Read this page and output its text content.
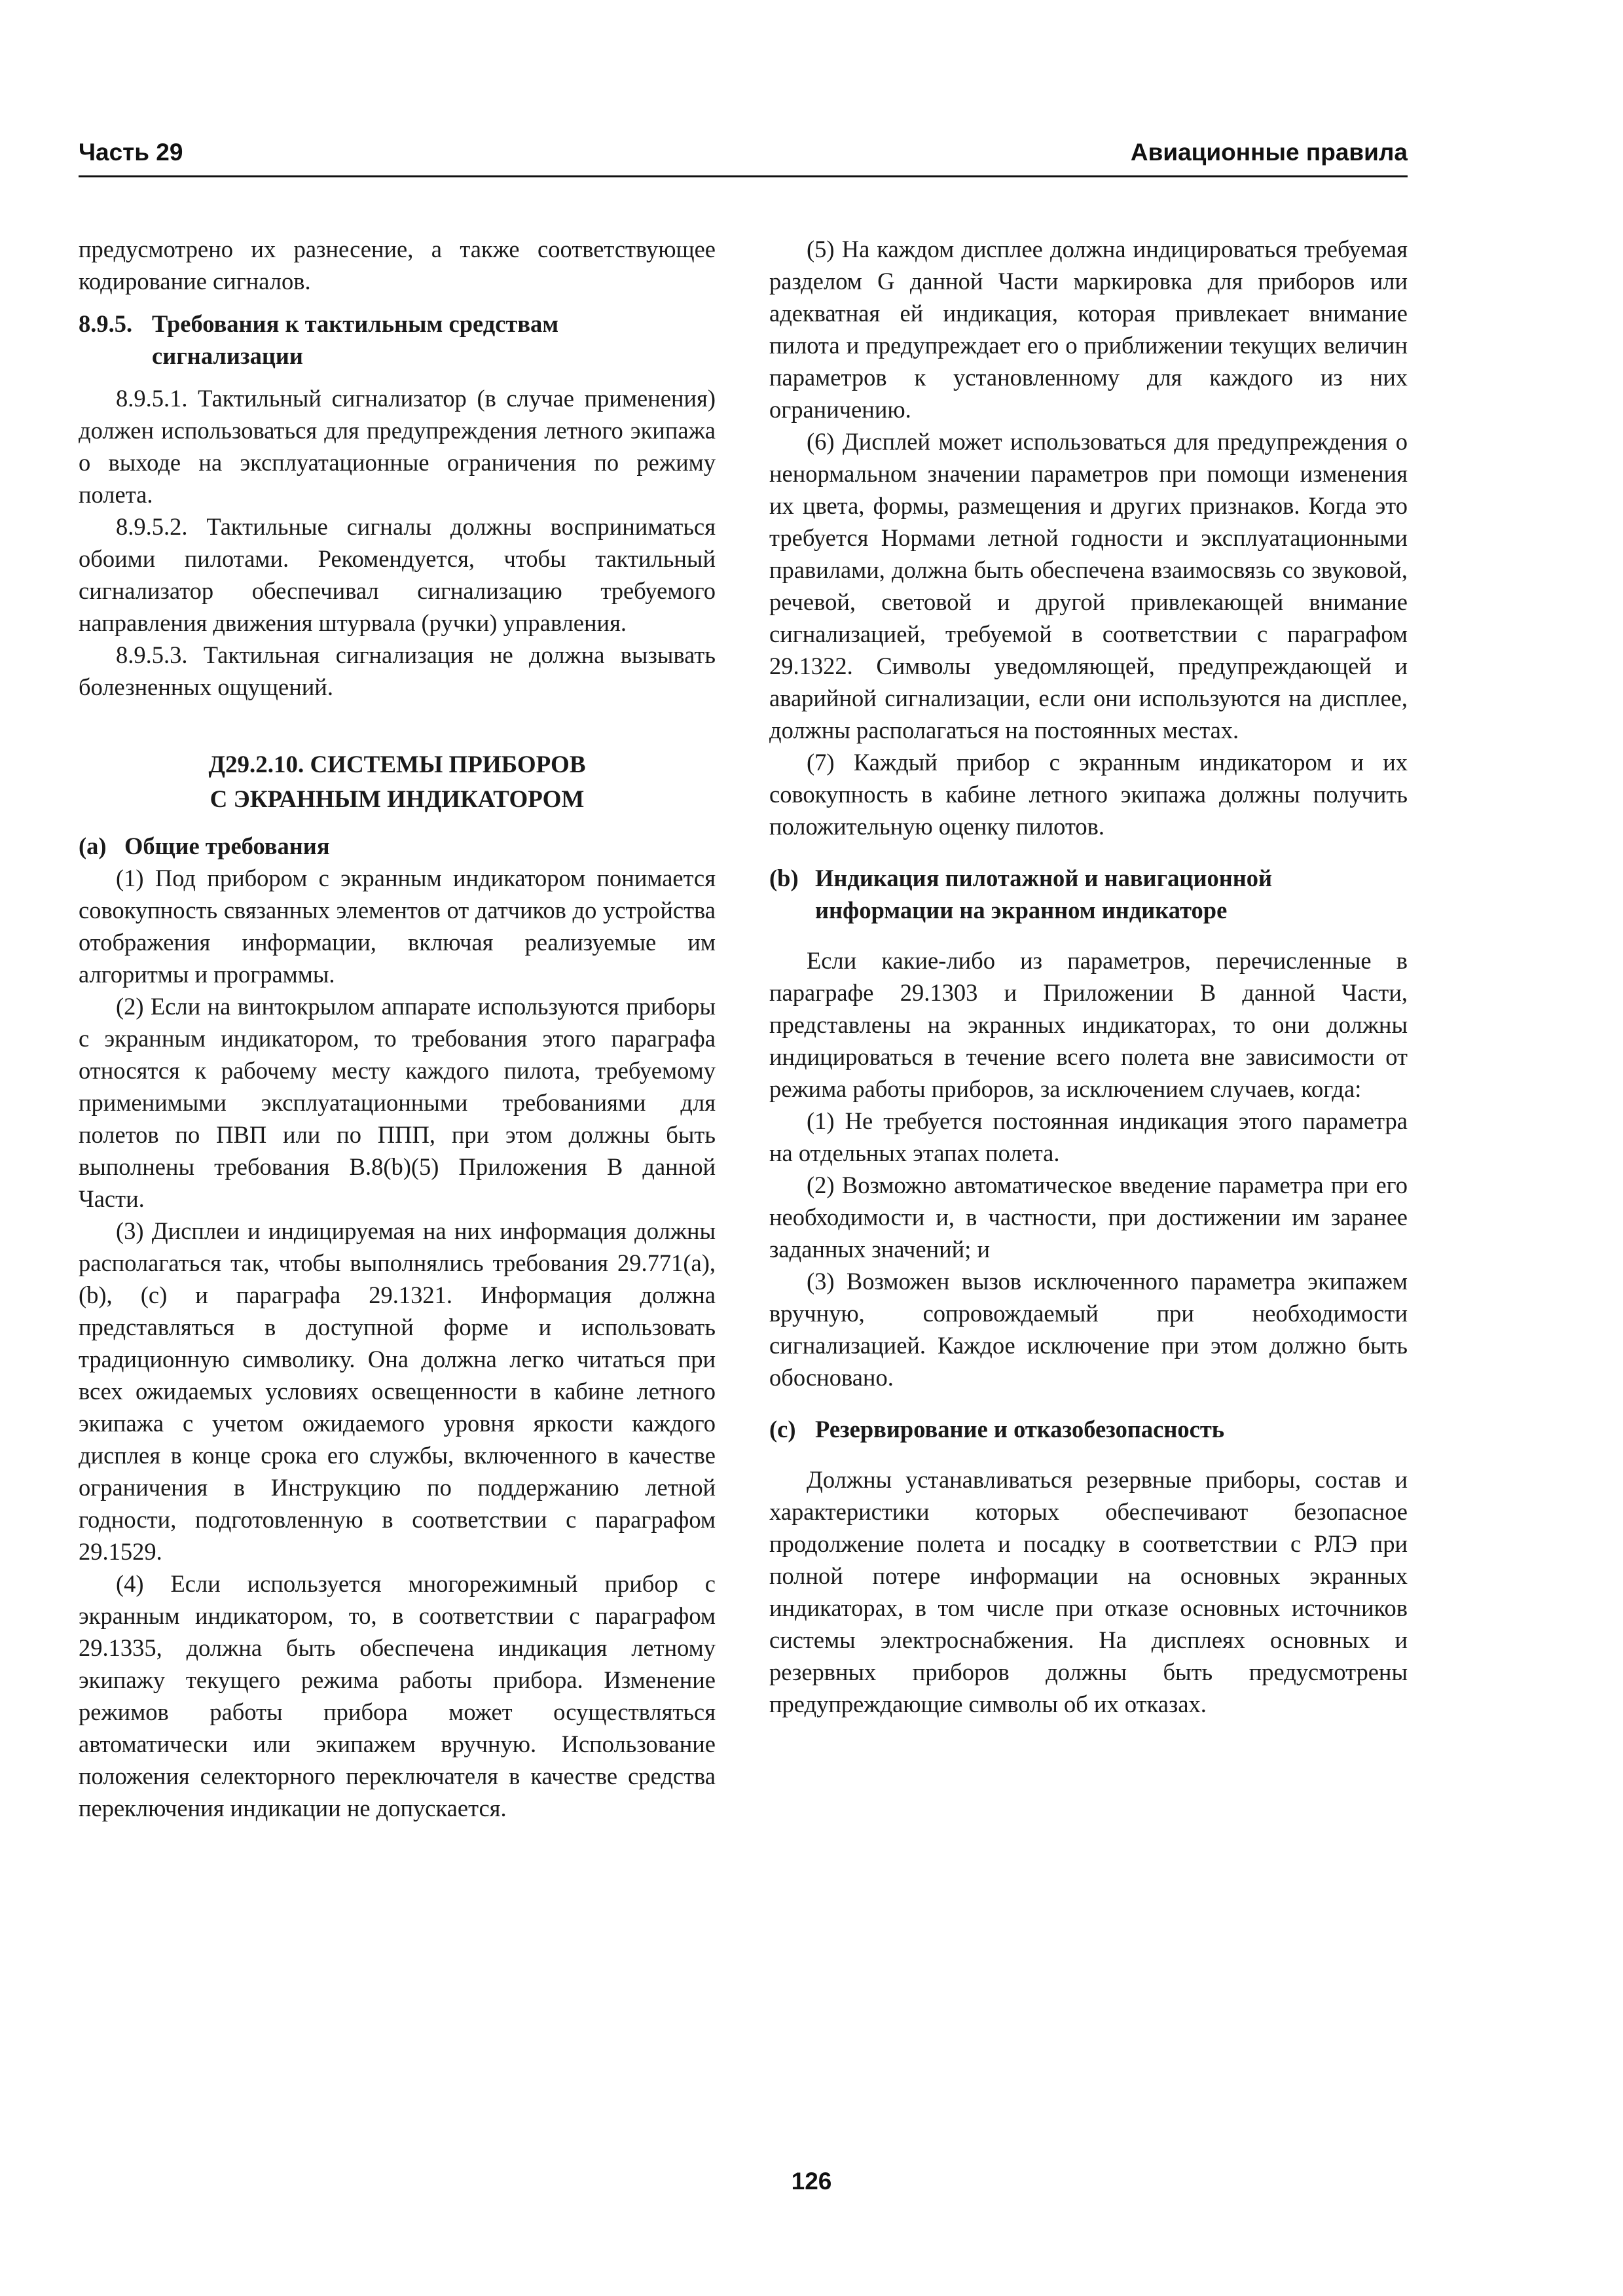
Часть 29	Авиационные правила

предусмотрено их разнесение, а также соответствующее кодирование сигналов.

8.9.5. Требования к тактильным средствам сигнализации

8.9.5.1. Тактильный сигнализатор (в случае применения) должен использоваться для предупреждения летного экипажа о выходе на эксплуатационные ограничения по режиму полета.

8.9.5.2. Тактильные сигналы должны восприниматься обоими пилотами. Рекомендуется, чтобы тактильный сигнализатор обеспечивал сигнализацию требуемого направления движения штурвала (ручки) управления.

8.9.5.3. Тактильная сигнализация не должна вызывать болезненных ощущений.

Д29.2.10. СИСТЕМЫ ПРИБОРОВ
С ЭКРАННЫМ ИНДИКАТОРОМ
(a) Общие требования

(1) Под прибором с экранным индикатором понимается совокупность связанных элементов от датчиков до устройства отображения информации, включая реализуемые им алгоритмы и программы.

(2) Если на винтокрылом аппарате используются приборы с экранным индикатором, то требования этого параграфа относятся к рабочему месту каждого пилота, требуемому применимыми эксплуатационными требованиями для полетов по ПВП или по ППП, при этом должны быть выполнены требования B.8(b)(5) Приложения В данной Части.

(3) Дисплеи и индицируемая на них информация должны располагаться так, чтобы выполнялись требования 29.771(a), (b), (c) и параграфа 29.1321. Информация должна представляться в доступной форме и использовать традиционную символику. Она должна легко читаться при всех ожидаемых условиях освещенности в кабине летного экипажа с учетом ожидаемого уровня яркости каждого дисплея в конце срока его службы, включенного в качестве ограничения в Инструкцию по поддержанию летной годности, подготовленную в соответствии с параграфом 29.1529.

(4) Если используется многорежимный прибор с экранным индикатором, то, в соответствии с параграфом 29.1335, должна быть обеспечена индикация летному экипажу текущего режима работы прибора. Изменение режимов работы прибора может осуществляться автоматически или экипажем вручную. Использование положения селекторного переключателя в качестве средства переключения индикации не допускается.

(5) На каждом дисплее должна индицироваться требуемая разделом G данной Части маркировка для приборов или адекватная ей индикация, которая привлекает внимание пилота и предупреждает его о приближении текущих величин параметров к установленному для каждого из них ограничению.

(6) Дисплей может использоваться для предупреждения о ненормальном значении параметров при помощи изменения их цвета, формы, размещения и других признаков. Когда это требуется Нормами летной годности и эксплуатационными правилами, должна быть обеспечена взаимосвязь со звуковой, речевой, световой и другой привлекающей внимание сигнализацией, требуемой в соответствии с параграфом 29.1322. Символы уведомляющей, предупреждающей и аварийной сигнализации, если они используются на дисплее, должны располагаться на постоянных местах.

(7) Каждый прибор с экранным индикатором и их совокупность в кабине летного экипажа должны получить положительную оценку пилотов.

(b) Индикация пилотажной и навигационной информации на экранном индикаторе

Если какие-либо из параметров, перечисленные в параграфе 29.1303 и Приложении В данной Части, представлены на экранных индикаторах, то они должны индицироваться в течение всего полета вне зависимости от режима работы приборов, за исключением случаев, когда:

(1) Не требуется постоянная индикация этого параметра на отдельных этапах полета.

(2) Возможно автоматическое введение параметра при его необходимости и, в частности, при достижении им заранее заданных значений; и

(3) Возможен вызов исключенного параметра экипажем вручную, сопровождаемый при необходимости сигнализацией. Каждое исключение при этом должно быть обосновано.

(c) Резервирование и отказобезопасность

Должны устанавливаться резервные приборы, состав и характеристики которых обеспечивают безопасное продолжение полета и посадку в соответствии с РЛЭ при полной потере информации на основных экранных индикаторах, в том числе при отказе основных источников системы электроснабжения. На дисплеях основных и резервных приборов должны быть предусмотрены предупреждающие символы об их отказах.

126
